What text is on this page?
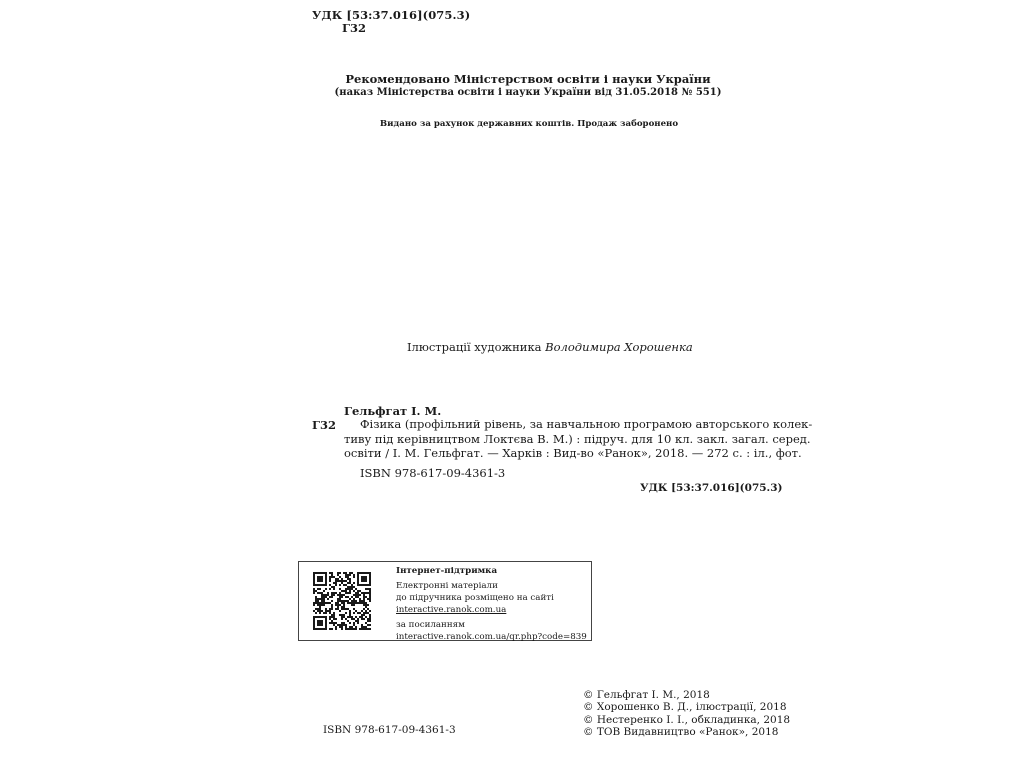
УДК [53:37.016](075.3)
Г32
Рекомендовано Міністерством освіти і науки України
(наказ Міністерства освіти і науки України від 31.05.2018 № 551)
Видано за рахунок державних коштів. Продаж заборонено
Ілюстрації художника Володимира Хорошенка
Гельфгат І. М.
Г32	Фізика (профільний рівень, за навчальною програмою авторського колек-
тиву під керівництвом Локтєва В. М.) : підруч. для 10 кл. закл. загал. серед.
освіти / І. М. Гельфгат. — Харків : Вид-во «Ранок», 2018. — 272 с. : іл., фот.
ISBN 978-617-09-4361-3
УДК [53:37.016](075.3)
Інтернет-підтримка
Електронні матеріали
до підручника розміщено на сайті
interactive.ranok.com.ua
за посиланням
interactive.ranok.com.ua/qr.php?code=839
© Гельфгат І. М., 2018
© Хорошенко В. Д., ілюстрації, 2018
© Нестеренко І. І., обкладинка, 2018
© ТОВ Видавництво «Ранок», 2018
ISBN 978-617-09-4361-3
